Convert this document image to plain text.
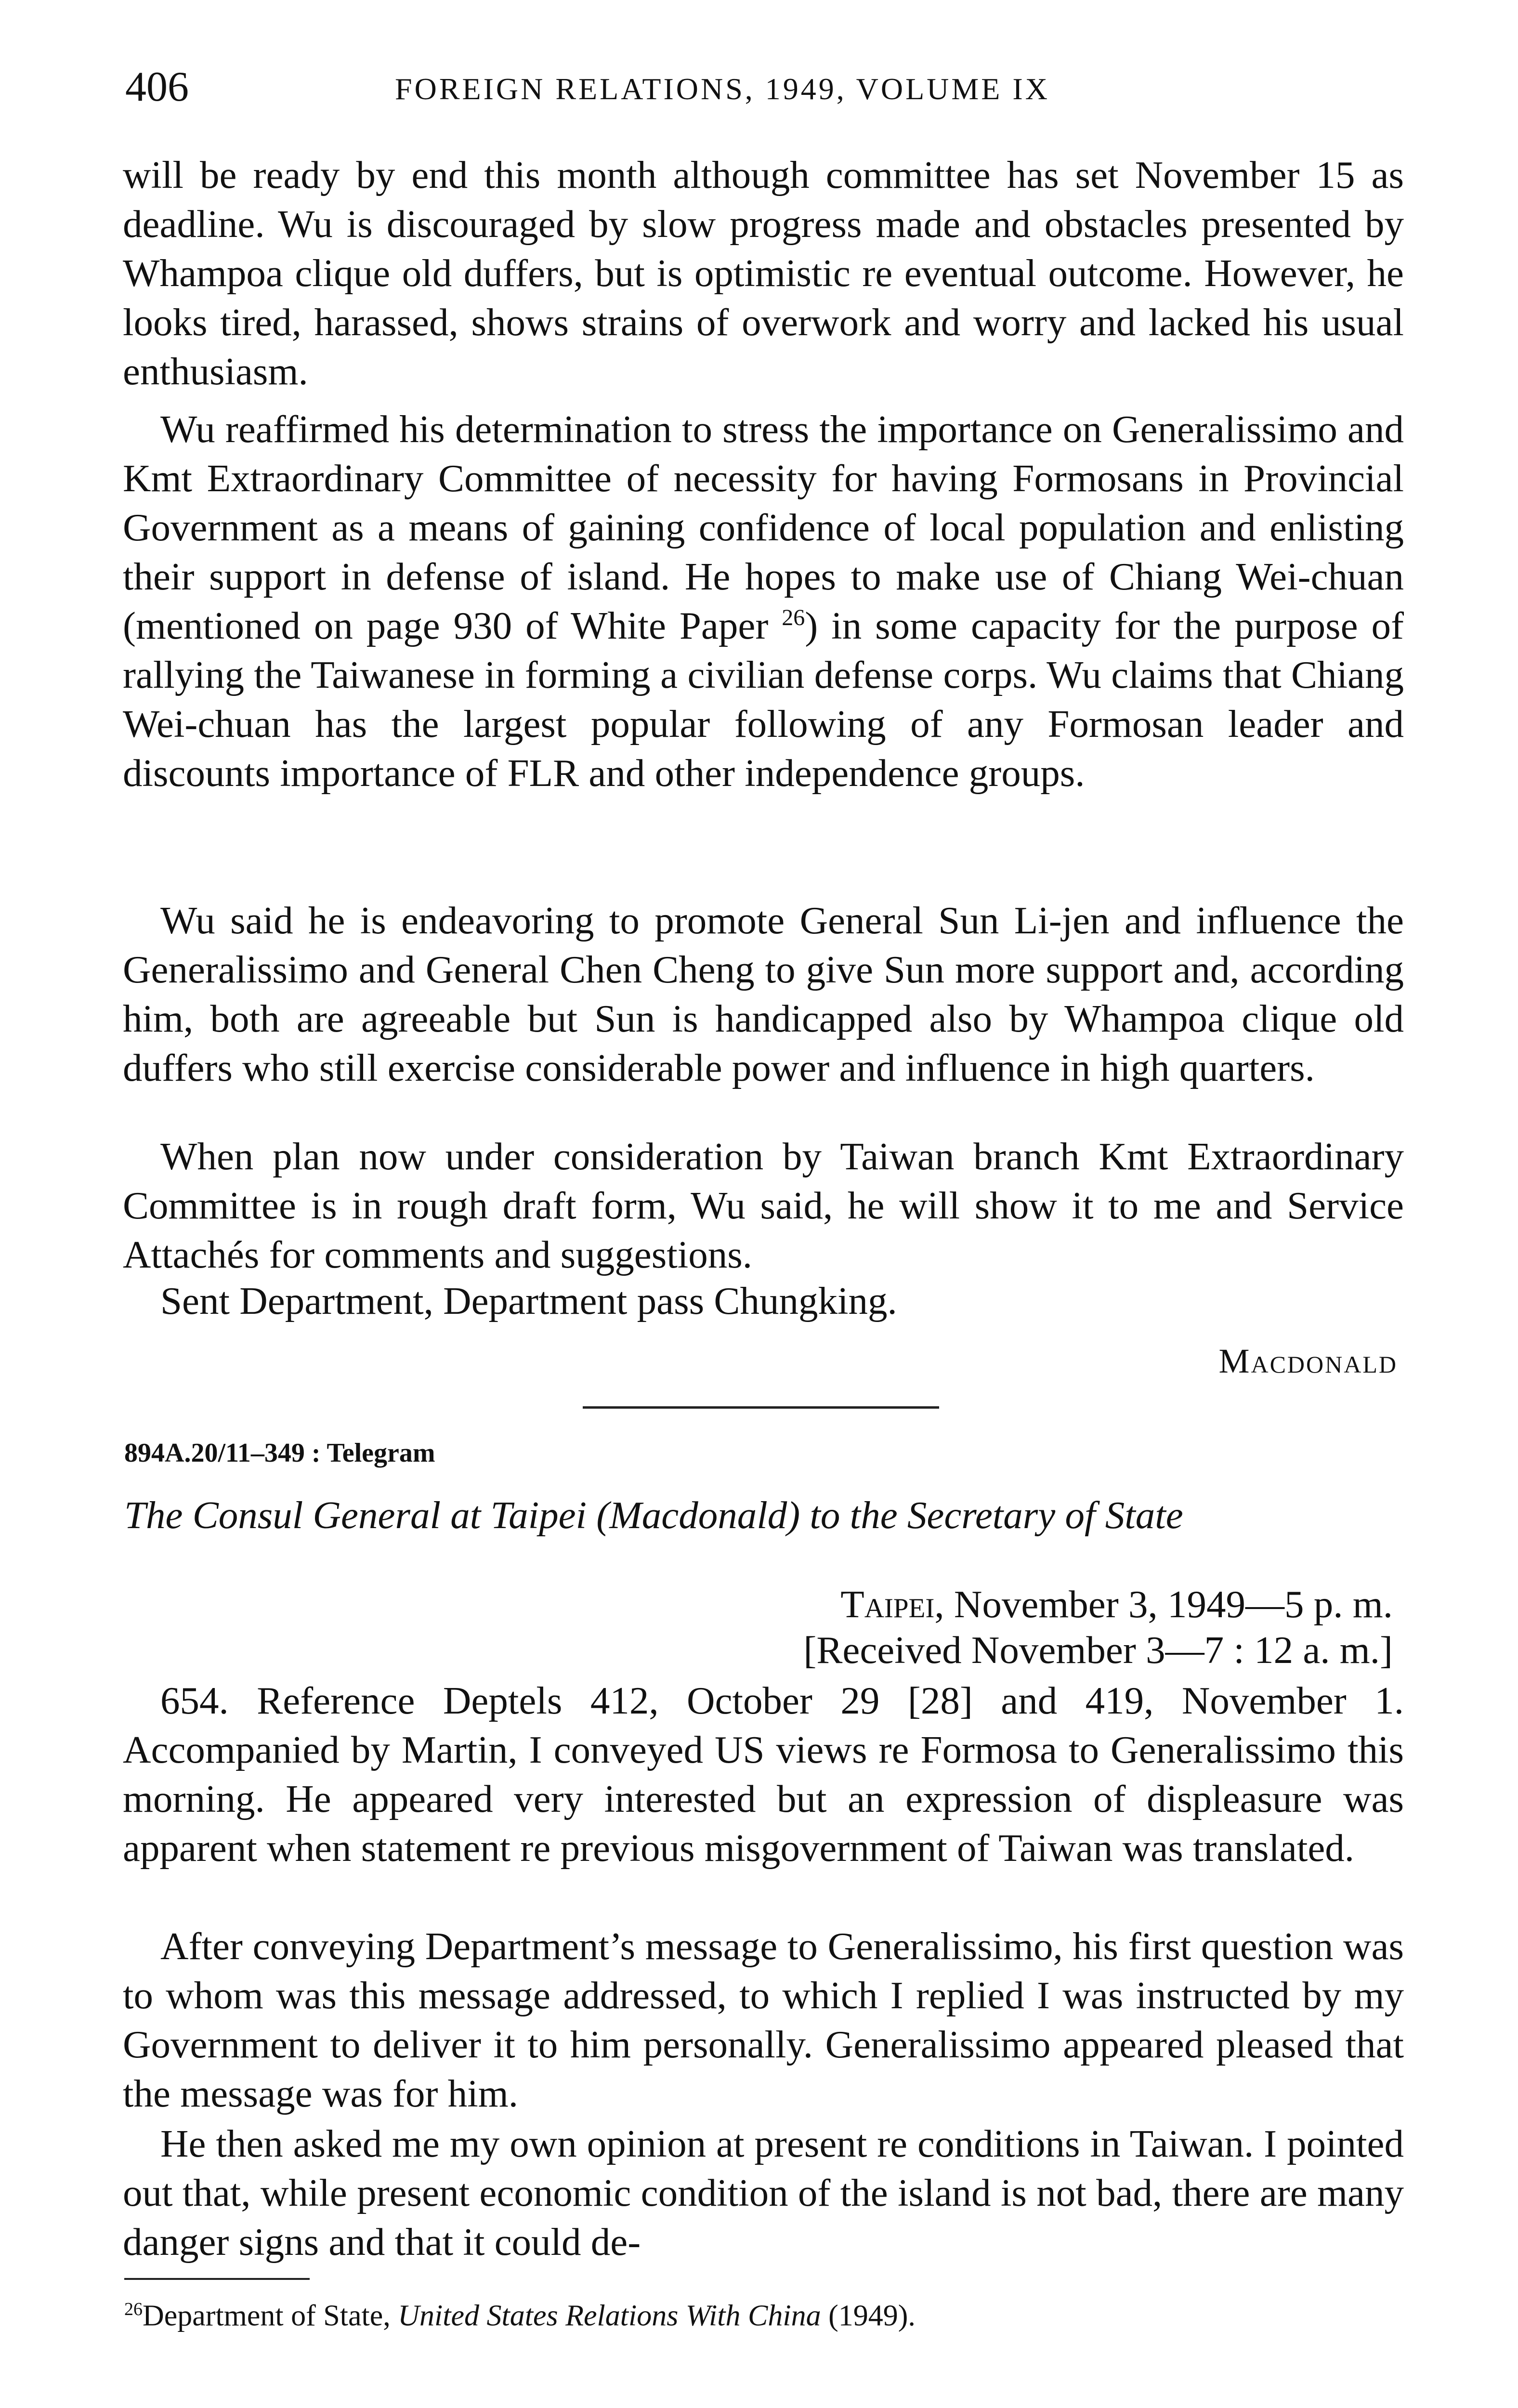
406	FOREIGN RELATIONS, 1949, VOLUME IX

will be ready by end this month although committee has set November 15 as deadline. Wu is discouraged by slow progress made and obstacles presented by Whampoa clique old duffers, but is optimistic re eventual outcome. However, he looks tired, harassed, shows strains of overwork and worry and lacked his usual enthusiasm.

Wu reaffirmed his determination to stress the importance on Generalissimo and Kmt Extraordinary Committee of necessity for having Formosans in Provincial Government as a means of gaining confidence of local population and enlisting their support in defense of island. He hopes to make use of Chiang Wei-chuan (mentioned on page 930 of White Paper $^{26}$) in some capacity for the purpose of rallying the Taiwanese in forming a civilian defense corps. Wu claims that Chiang Wei-chuan has the largest popular following of any Formosan leader and discounts importance of FLR and other independence groups.

Wu said he is endeavoring to promote General Sun Li-jen and influence the Generalissimo and General Chen Cheng to give Sun more support and, according him, both are agreeable but Sun is handicapped also by Whampoa clique old duffers who still exercise considerable power and influence in high quarters.

When plan now under consideration by Taiwan branch Kmt Extraordinary Committee is in rough draft form, Wu said, he will show it to me and Service Attachés for comments and suggestions.

Sent Department, Department pass Chungking.

Macdonald
894A.20/11–349 : Telegram
The Consul General at Taipei (Macdonald) to the Secretary of State
Taipei, November 3, 1949—5 p. m.
[Received November 3—7 : 12 a. m.]

654. Reference Deptels 412, October 29 [28] and 419, November 1. Accompanied by Martin, I conveyed US views re Formosa to Generalissimo this morning. He appeared very interested but an expression of displeasure was apparent when statement re previous misgovernment of Taiwan was translated.

After conveying Department’s message to Generalissimo, his first question was to whom was this message addressed, to which I replied I was instructed by my Government to deliver it to him personally. Generalissimo appeared pleased that the message was for him.

He then asked me my own opinion at present re conditions in Taiwan. I pointed out that, while present economic condition of the island is not bad, there are many danger signs and that it could de-

$^{26}$Department of State, United States Relations With China (1949).
